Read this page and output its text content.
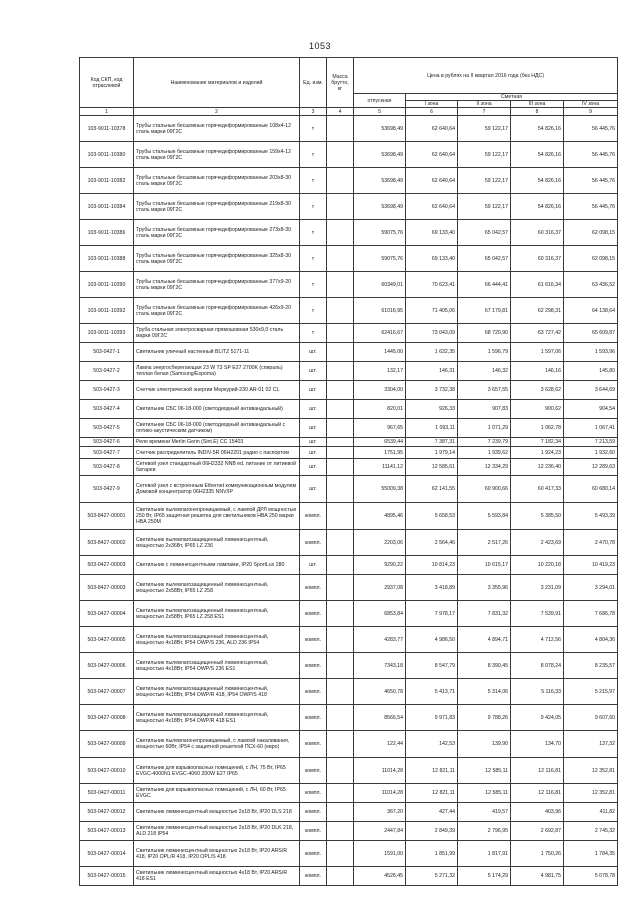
1053
Код СКП, код отраслевой	Наименование материалов и изделий	Ед. изм.	Масса брутто, кг	Цена в рублях на II квартал 2016 года (без НДС)				
				отпускная	Сметная			
					I зона	II зона	III зона	IV зона
1	2	3	4	5	6	7	8	9
103-9011-10378	Трубы стальные бесшовные горячедеформированные 108х4-12 сталь марки 09Г2С	т		53698,49	62 640,64	59 122,17	54 826,16	56 445,76
103-9011-10380	Трубы стальные бесшовные горячедеформированные 159х4-12 сталь марки 09Г2С	т		53698,49	62 640,64	59 122,17	54 826,16	56 445,76
103-9011-10382	Трубы стальные бесшовные горячедеформированные 203х8-30 сталь марки 09Г2С	т		53698,49	62 640,64	59 122,17	54 826,16	56 445,76
103-9011-10384	Трубы стальные бесшовные горячедеформированные 219х8-30 сталь марки 09Г2С	т		53698,49	62 640,64	59 122,17	54 826,16	56 445,76
103-9011-10386	Трубы стальные бесшовные горячедеформированные 273х8-30 сталь марки 09Г2С	т		59075,76	69 133,40	65 042,57	60 316,37	62 098,15
103-9011-10388	Трубы стальные бесшовные горячедеформированные 325х8-30 сталь марки 09Г2С	т		59075,76	69 133,40	65 042,57	60 316,37	62 098,15
103-9011-10390	Трубы стальные бесшовные горячедеформированные 377х9-20 сталь марки 09Г2С	т		60349,01	70 623,41	66 444,41	61 616,34	63 436,52
103-9011-10392	Трубы стальные бесшовные горячедеформированные 426х9-20 сталь марки 09Г2С	т		61016,95	71 405,06	67 179,81	62 298,31	64 138,64
103-9011-10393	Труба стальная электросварная прямошовная 530х9,0 сталь марки 09Г2С	т		62416,67	73 043,09	68 720,90	63 727,42	65 609,87
503-0427-1	Светильник уличный настенный BLITZ 5171-11	шт.		1445,00	1 632,35	1 596,79	1 597,06	1 593,96
503-0427-2	Лампа энергосберегающая 23 W T3 SP E27 2700K (спираль) теплая белая (Samsung/Espoma)	шт.		132,17	146,31	146,32	146,16	145,80
503-0427-3	Счетчик электрической энергии Меркурий-230 AR-01 02 CL	шт.		3304,00	3 732,38	3 657,55	3 628,62	3 644,69
503-0427-4	Светильник СБС 06-18-000 (светодиодный антивандальный)	шт.		820,01	926,33	907,83	900,62	904,54
503-0427-5	Светильник СБС 06-18-000 (светодиодный антивандальный с оптико-акустическим датчиком)	шт.		967,65	1 093,11	1 071,29	1 062,78	1 067,41
503-0427-6	Реле времени Merlin Gerin (Sint.E) СС 15403	шт.		6539,44	7 387,31	7 239,79	7 182,34	7 213,59
503-0427-7	Счетчик распределитель INDIV-5R 06Н2201 радио с паспортом	шт.		1751,95	1 979,14	1 939,62	1 924,23	1 932,60
503-0427-8	Сетевой узел стандартный 06Н2332 NNB ed. питание от литиевой батареи	шт.		11141,12	12 585,61	12 334,29	12 236,40	12 289,63
503-0427-9	Сетевой узел с встроенным Ethernet коммуникационным модулем Домовой концентратор 06Н2335 NNV/IP	шт.		55009,38	62 141,55	60 900,66	60 417,33	60 680,14
503-8427-00001	Светильник пылевлагонепроницаемый, с лампой ДРЛ мощностью 250 Вт, IP65 защитная решетка для светильников HBA 250 марки HBA 250M	компл.		4895,46	5 658,53	5 593,84	5 385,50	5 493,39
503-8427-00002	Светильник пылевлагозащищенный люминесцентный, мощностью 2х36Вт, IP65 LZ 236	компл.		2203,06	2 564,46	2 517,26	2 423,69	2 470,78
503-0427-00003	Светильник с люминесцентными лампами, IP20 SportLux 280	шт.		9290,22	10 814,23	10 615,17	10 220,18	10 419,23
503-8427-00003	Светильник пылевлагозащищенный люминесцентный, мощностью 2х58Вт, IP65 LZ 258	компл.		2937,08	3 418,89	3 355,96	3 231,09	3 294,01
503-0427-00004	Светильник пылевлагозащищенный люминесцентный, мощностью 2х58Вт, IP65 LZ 258 ES1	компл.		6853,84	7 978,17	7 831,32	7 539,91	7 686,78
503-0427-00005	Светильник пылевлагозащищенный люминесцентный, мощностью 4х18Вт, IP54 OWP/S 236, ALD 236 IP54	компл.		4283,77	4 986,50	4 894,71	4 712,56	4 804,36
503-0427-00006	Светильник пылевлагозащищенный люминесцентный, мощностью 4х18Вт, IP54 OWP/S 236 ES1	компл.		7343,18	8 547,79	8 390,45	8 078,24	8 235,57
503-0427-00007	Светильник пылевлагозащищенный люминесцентный, мощностью 4х18Вт, IP54 OWP/R 418, IP54 OWP/S 418	компл.		4650,78	5 413,71	5 314,06	5 116,33	5 215,97
503-0427-00008	Светильник пылевлагозащищенный люминесцентный, мощностью 4х18Вт, IP54 OWP/R 418 ES1	компл.		8566,54	9 971,83	9 788,26	9 424,05	9 607,60
503-0427-00009	Светильник пылевлагонепроницаемый, с лампой накаливания, мощностью 60Вт, IP54 с защитной решеткой ПСХ-60 (евро)	компл.		122,44	142,53	139,90	134,70	137,32
503-0427-00010	Светильник для взрывоопасных помещений, с ЛН, 75 Вт, IP65 EVGC-4000N1 EVGC-4060 200W E27 IP65	компл.		11014,28	12 821,11	12 585,11	12 116,81	12 352,81
503-0427-00011	Светильник для взрывоопасных помещений, с ЛН, 60 Вт, IP65 EVGC	компл.		11014,28	12 821,11	12 585,11	12 116,81	12 352,81
503-0427-00012	Светильник люминесцентный мощностью 2х18 Вт, IP20 DLS 218	компл.		367,20	427,44	419,57	403,96	411,82
503-0427-00013	Светильник люминесцентный мощностью 2х18 Вт, IP20 DLK 218, ALD 218 IP54	компл.		2447,84	2 849,39	2 796,95	2 692,87	2 745,32
503-0427-00014	Светильник люминесцентный мощностью 2х18 Вт, IP20 ARS/R 418, IP20 OPL/R 418, IP20 OPL/S 418	компл.		1591,00	1 851,99	1 817,91	1 750,26	1 784,35
503-0427-00015	Светильник люминесцентный мощностью 4х18 Вт, IP20 ARS/R 418 ES1	компл.		4528,45	5 271,32	5 174,29	4 981,75	5 078,78
